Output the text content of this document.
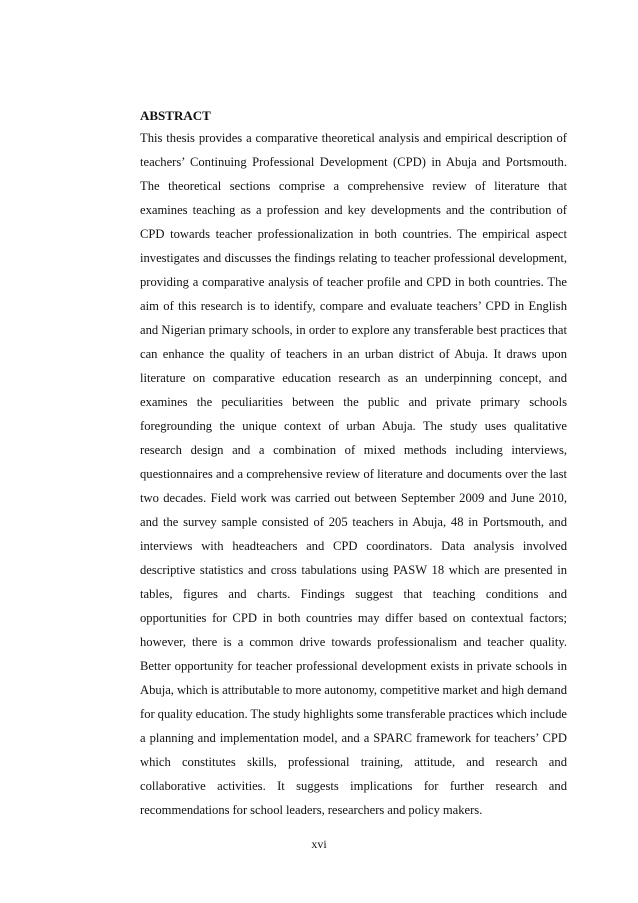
ABSTRACT

This thesis provides a comparative theoretical analysis and empirical description of teachers’ Continuing Professional Development (CPD) in Abuja and Portsmouth. The theoretical sections comprise a comprehensive review of literature that examines teaching as a profession and key developments and the contribution of CPD towards teacher professionalization in both countries. The empirical aspect investigates and discusses the findings relating to teacher professional development, providing a comparative analysis of teacher profile and CPD in both countries. The aim of this research is to identify, compare and evaluate teachers’ CPD in English and Nigerian primary schools, in order to explore any transferable best practices that can enhance the quality of teachers in an urban district of Abuja. It draws upon literature on comparative education research as an underpinning concept, and examines the peculiarities between the public and private primary schools foregrounding the unique context of urban Abuja. The study uses qualitative research design and a combination of mixed methods including interviews, questionnaires and a comprehensive review of literature and documents over the last two decades. Field work was carried out between September 2009 and June 2010, and the survey sample consisted of 205 teachers in Abuja, 48 in Portsmouth, and interviews with headteachers and CPD coordinators. Data analysis involved descriptive statistics and cross tabulations using PASW 18 which are presented in tables, figures and charts. Findings suggest that teaching conditions and opportunities for CPD in both countries may differ based on contextual factors; however, there is a common drive towards professionalism and teacher quality. Better opportunity for teacher professional development exists in private schools in Abuja, which is attributable to more autonomy, competitive market and high demand for quality education. The study highlights some transferable practices which include a planning and implementation model, and a SPARC framework for teachers’ CPD which constitutes skills, professional training, attitude, and research and collaborative activities. It suggests implications for further research and recommendations for school leaders, researchers and policy makers.

xvi
